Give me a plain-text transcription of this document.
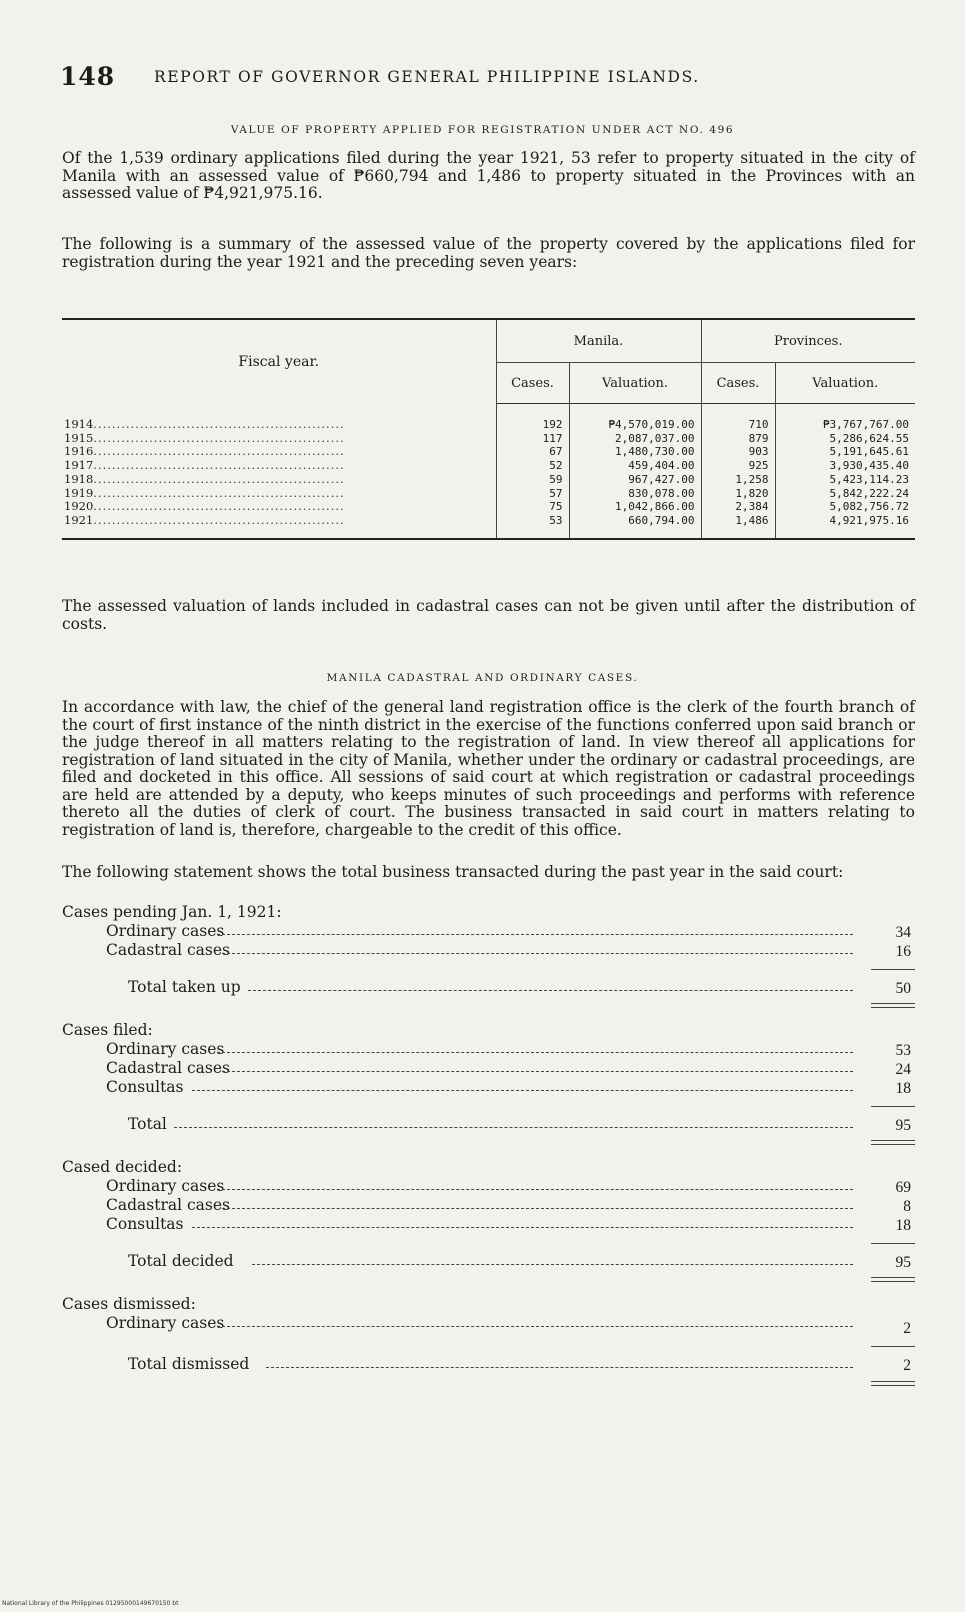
148	REPORT OF GOVERNOR GENERAL PHILIPPINE ISLANDS.
VALUE OF PROPERTY APPLIED FOR REGISTRATION UNDER ACT NO. 496

Of the 1,539 ordinary applications filed during the year 1921, 53 refer to property situated in the city of Manila with an assessed value of ₱660,794 and 1,486 to property situated in the Provinces with an assessed value of ₱4,921,975.16.

The following is a summary of the assessed value of the property covered by the applications filed for registration during the year 1921 and the preceding seven years:

Fiscal year.	Manila.		Provinces.	
	Cases.	Valuation.	Cases.	Valuation.
1914......................................................	192	₱4,570,019.00	710	₱3,767,767.00
1915......................................................	117	2,087,037.00	879	5,286,624.55
1916......................................................	67	1,480,730.00	903	5,191,645.61
1917......................................................	52	459,404.00	925	3,930,435.40
1918......................................................	59	967,427.00	1,258	5,423,114.23
1919......................................................	57	830,078.00	1,820	5,842,222.24
1920......................................................	75	1,042,866.00	2,384	5,082,756.72
1921......................................................	53	660,794.00	1,486	4,921,975.16

The assessed valuation of lands included in cadastral cases can not be given until after the distribution of costs.

MANILA CADASTRAL AND ORDINARY CASES.

In accordance with law, the chief of the general land registration office is the clerk of the fourth branch of the court of first instance of the ninth district in the exercise of the functions conferred upon said branch or the judge thereof in all matters relating to the registration of land. In view thereof all applications for registration of land situated in the city of Manila, whether under the ordinary or cadastral proceedings, are filed and docketed in this office. All sessions of said court at which registration or cadastral proceedings are held are attended by a deputy, who keeps minutes of such proceedings and performs with reference thereto all the duties of clerk of court. The business transacted in said court in matters relating to registration of land is, therefore, chargeable to the credit of this office.

The following statement shows the total business transacted during the past year in the said court:

Cases pending Jan. 1, 1921:
Ordinary cases	34
Cadastral cases	16
Total taken up	50
Cases filed:
Ordinary cases	53
Cadastral cases	24
Consultas	18
Total	95
Cased decided:
Ordinary cases	69
Cadastral cases	8
Consultas	18
Total decided	95
Cases dismissed:
Ordinary cases	2
Total dismissed	2
National Library of the Philippines 01295000149670150 bt
